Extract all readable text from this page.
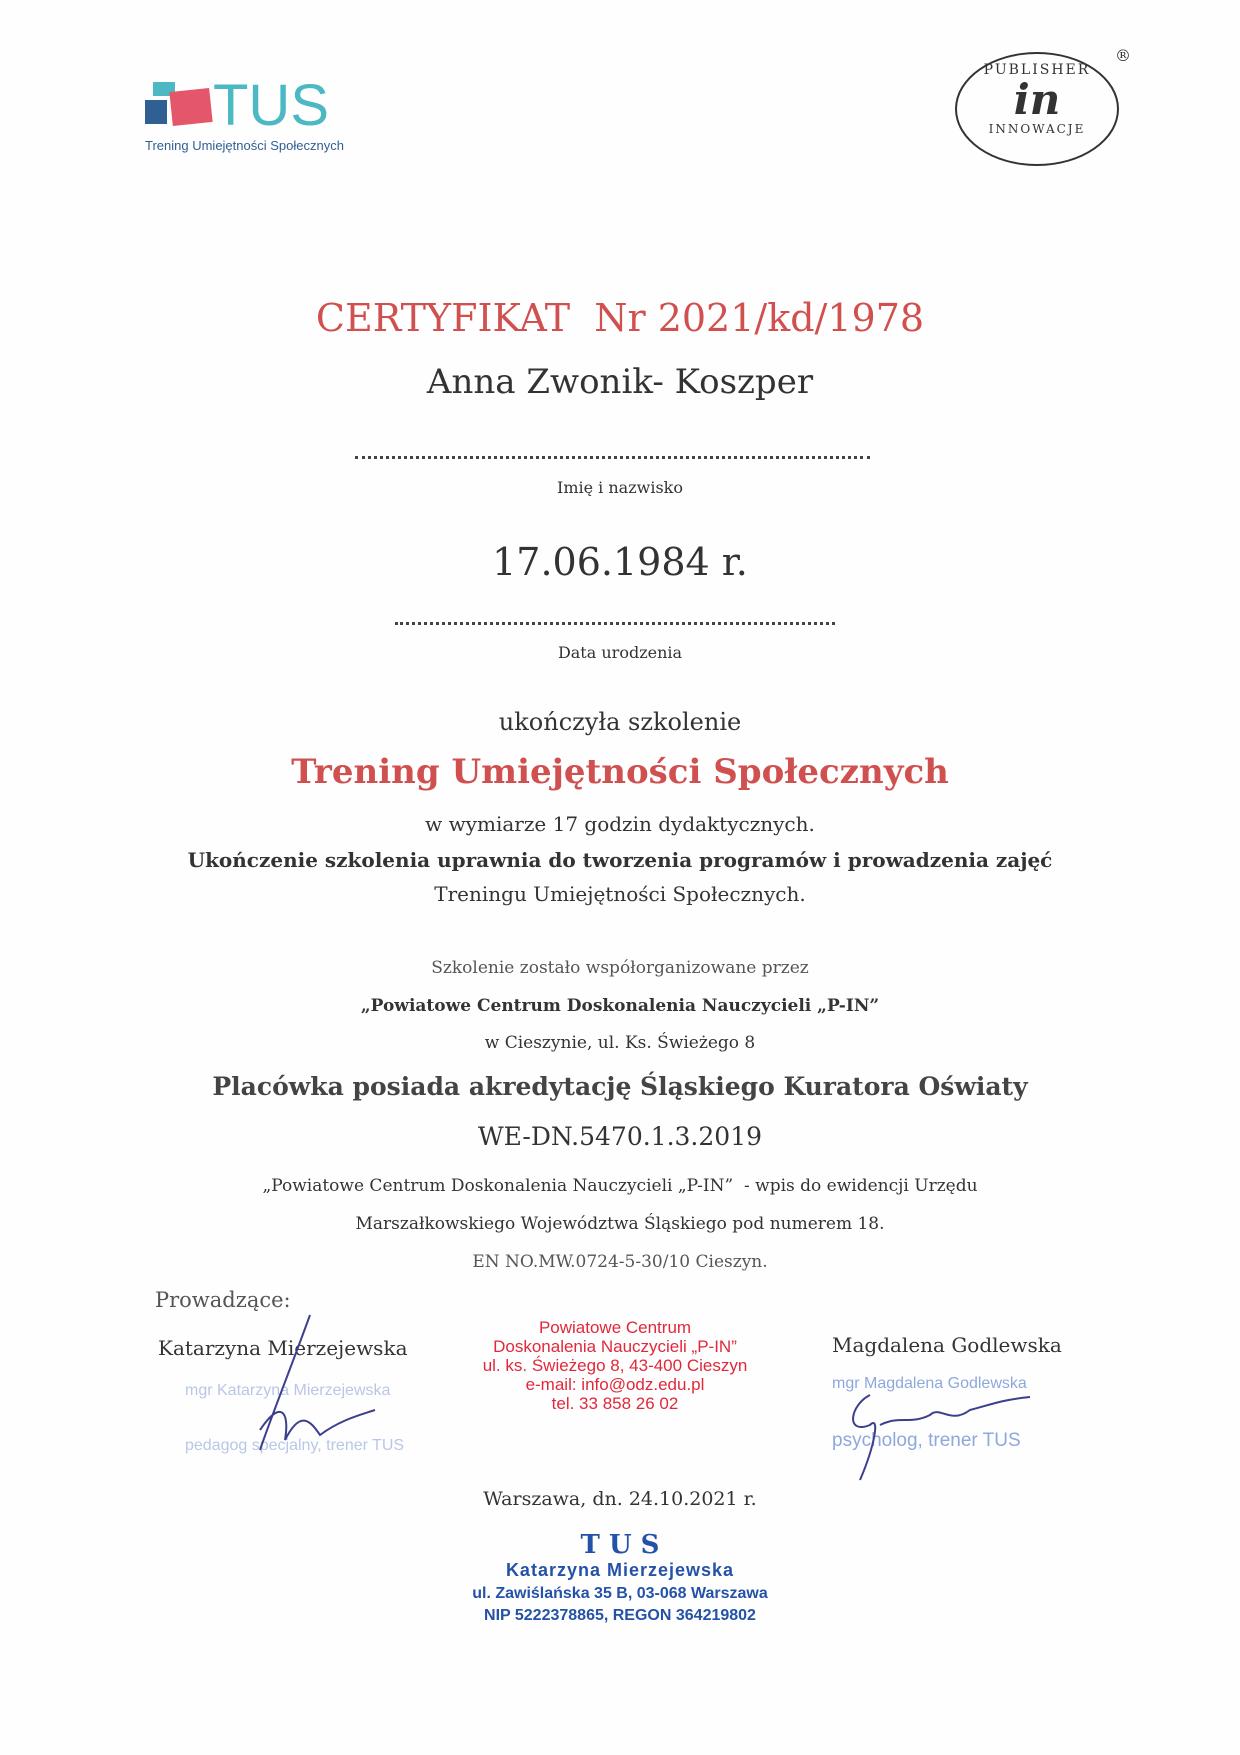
TUS
Trening Umiejętności Społecznych
PUBLISHER
in
INNOWACJE
®
CERTYFIKAT  Nr 2021/kd/1978
Anna Zwonik- Koszper
Imię i nazwisko
17.06.1984 r.
Data urodzenia
ukończyła szkolenie
Trening Umiejętności Społecznych
w wymiarze 17 godzin dydaktycznych.
Ukończenie szkolenia uprawnia do tworzenia programów i prowadzenia zajęć
Treningu Umiejętności Społecznych.
Szkolenie zostało współorganizowane przez
„Powiatowe Centrum Doskonalenia Nauczycieli „P-IN”
w Cieszynie, ul. Ks. Świeżego 8
Placówka posiada akredytację Śląskiego Kuratora Oświaty
WE-DN.5470.1.3.2019
„Powiatowe Centrum Doskonalenia Nauczycieli „P-IN”  - wpis do ewidencji Urzędu
Marszałkowskiego Województwa Śląskiego pod numerem 18.
EN NO.MW.0724-5-30/10 Cieszyn.
Prowadzące:
Katarzyna Mierzejewska
mgr Katarzyna Mierzejewska
pedagog specjalny, trener TUS
Powiatowe Centrum
Doskonalenia Nauczycieli „P-IN”
ul. ks. Świeżego 8, 43-400 Cieszyn
e-mail: info@odz.edu.pl
tel. 33 858 26 02
Magdalena Godlewska
mgr Magdalena Godlewska
psycholog, trener TUS
Warszawa, dn. 24.10.2021 r.
T U S
Katarzyna Mierzejewska
ul. Zawiślańska 35 B, 03-068 Warszawa
NIP 5222378865, REGON 364219802
